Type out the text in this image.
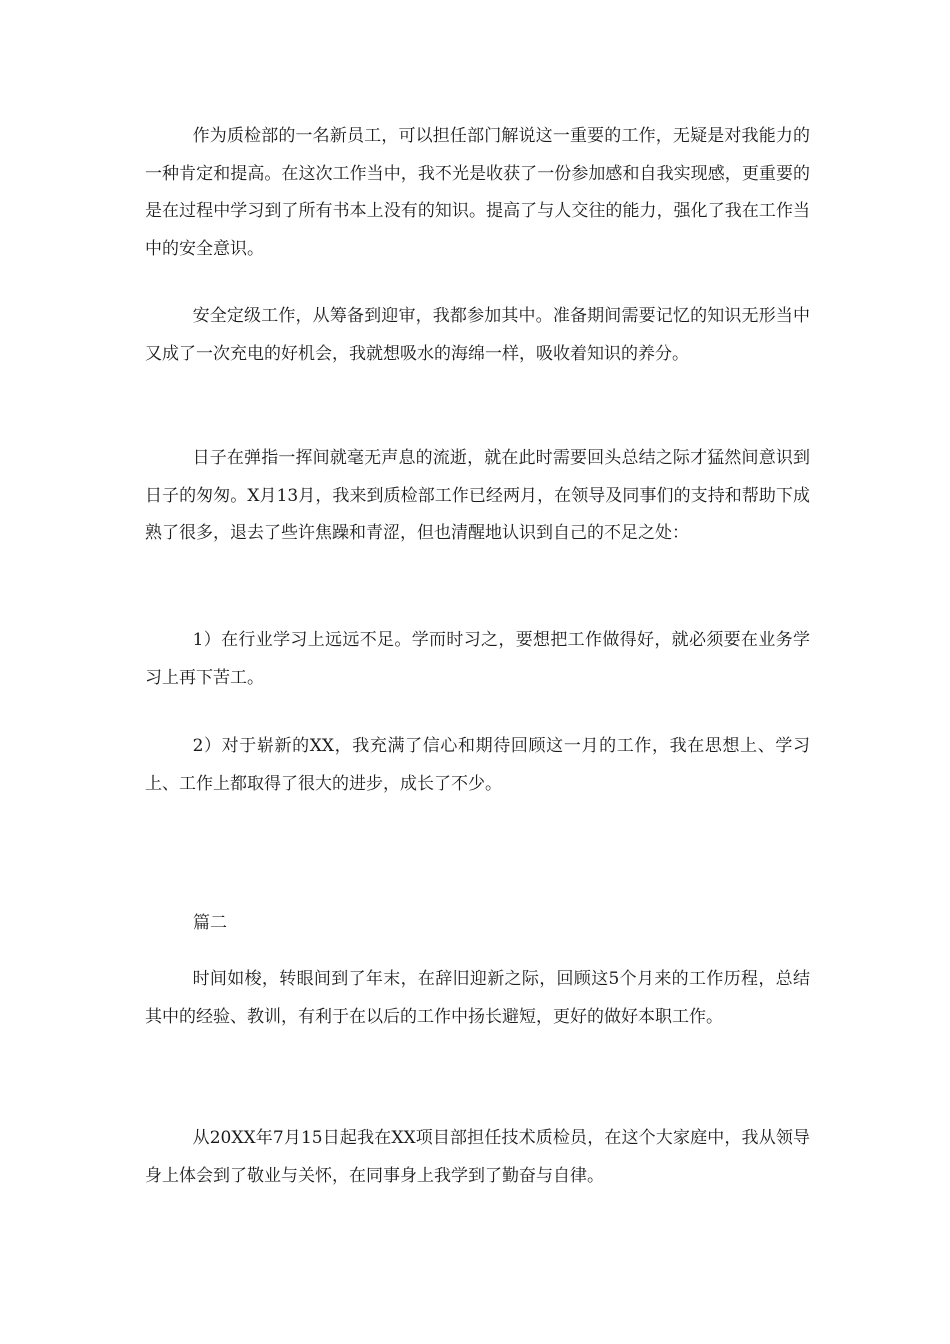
作为质检部的一名新员工，可以担任部门解说这一重要的工作，无疑是对我能力的一种肯定和提高。在这次工作当中，我不光是收获了一份参加感和自我实现感，更重要的是在过程中学习到了所有书本上没有的知识。提高了与人交往的能力，强化了我在工作当中的安全意识。

安全定级工作，从筹备到迎审，我都参加其中。准备期间需要记忆的知识无形当中又成了一次充电的好机会，我就想吸水的海绵一样，吸收着知识的养分。

日子在弹指一挥间就毫无声息的流逝，就在此时需要回头总结之际才猛然间意识到日子的匆匆。X月13月，我来到质检部工作已经两月，在领导及同事们的支持和帮助下成熟了很多，退去了些许焦躁和青涩，但也清醒地认识到自己的不足之处：

1）在行业学习上远远不足。学而时习之，要想把工作做得好，就必须要在业务学习上再下苦工。

2）对于崭新的XX，我充满了信心和期待回顾这一月的工作，我在思想上、学习上、工作上都取得了很大的进步，成长了不少。

篇二

时间如梭，转眼间到了年末，在辞旧迎新之际，回顾这5个月来的工作历程，总结其中的经验、教训，有利于在以后的工作中扬长避短，更好的做好本职工作。

从20XX年7月15日起我在XX项目部担任技术质检员，在这个大家庭中，我从领导身上体会到了敬业与关怀，在同事身上我学到了勤奋与自律。
